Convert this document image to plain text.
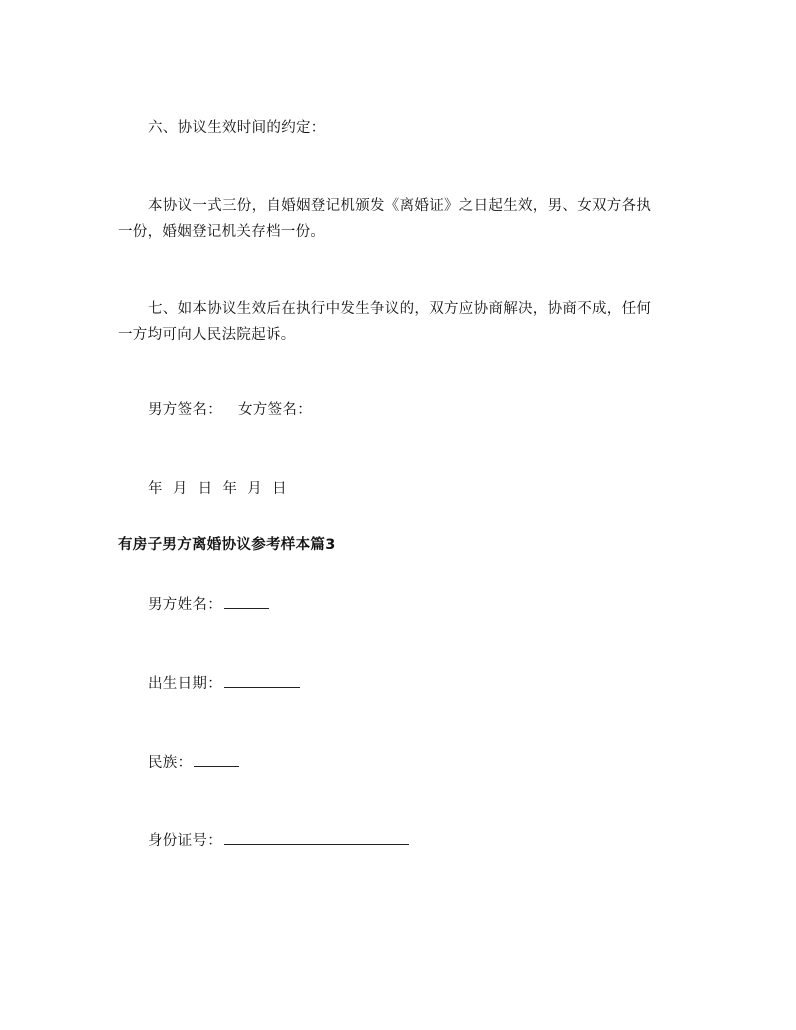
六、协议生效时间的约定：
本协议一式三份，自婚姻登记机颁发《离婚证》之日起生效，男、女双方各执
一份，婚姻登记机关存档一份。
七、如本协议生效后在执行中发生争议的，双方应协商解决，协商不成，任何
一方均可向人民法院起诉。
男方签名： 女方签名：
年 月 日 年 月 日
有房子男方离婚协议参考样本篇3
男方姓名：
出生日期：
民族：
身份证号：
